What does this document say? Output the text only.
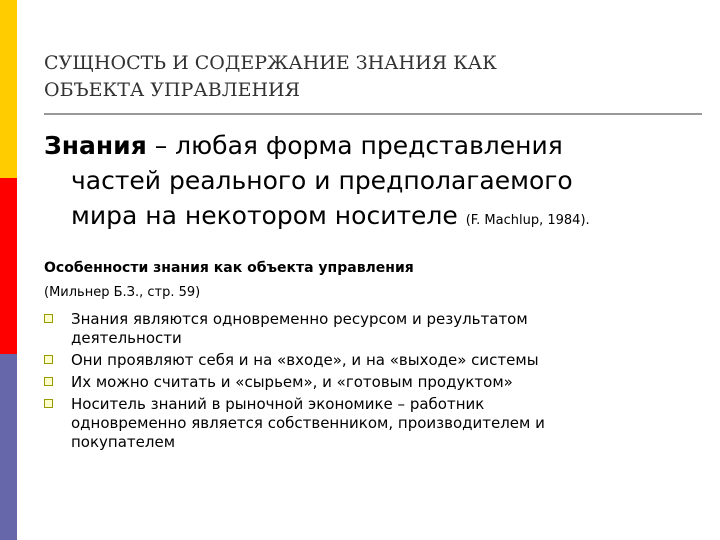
СУЩНОСТЬ И СОДЕРЖАНИЕ ЗНАНИЯ КАК
ОБЪЕКТА УПРАВЛЕНИЯ
Знания – любая форма представления
частей реального и предполагаемого
мира на некотором носителе (F. Machlup, 1984).
Особенности знания как объекта управления
(Мильнер Б.З., стр. 59)
Знания являются одновременно ресурсом и результатом
деятельности
Они проявляют себя и на «входе», и на «выходе» системы
Их можно считать и «сырьем», и «готовым продуктом»
Носитель знаний в рыночной экономике – работник
одновременно является собственником, производителем и
покупателем
